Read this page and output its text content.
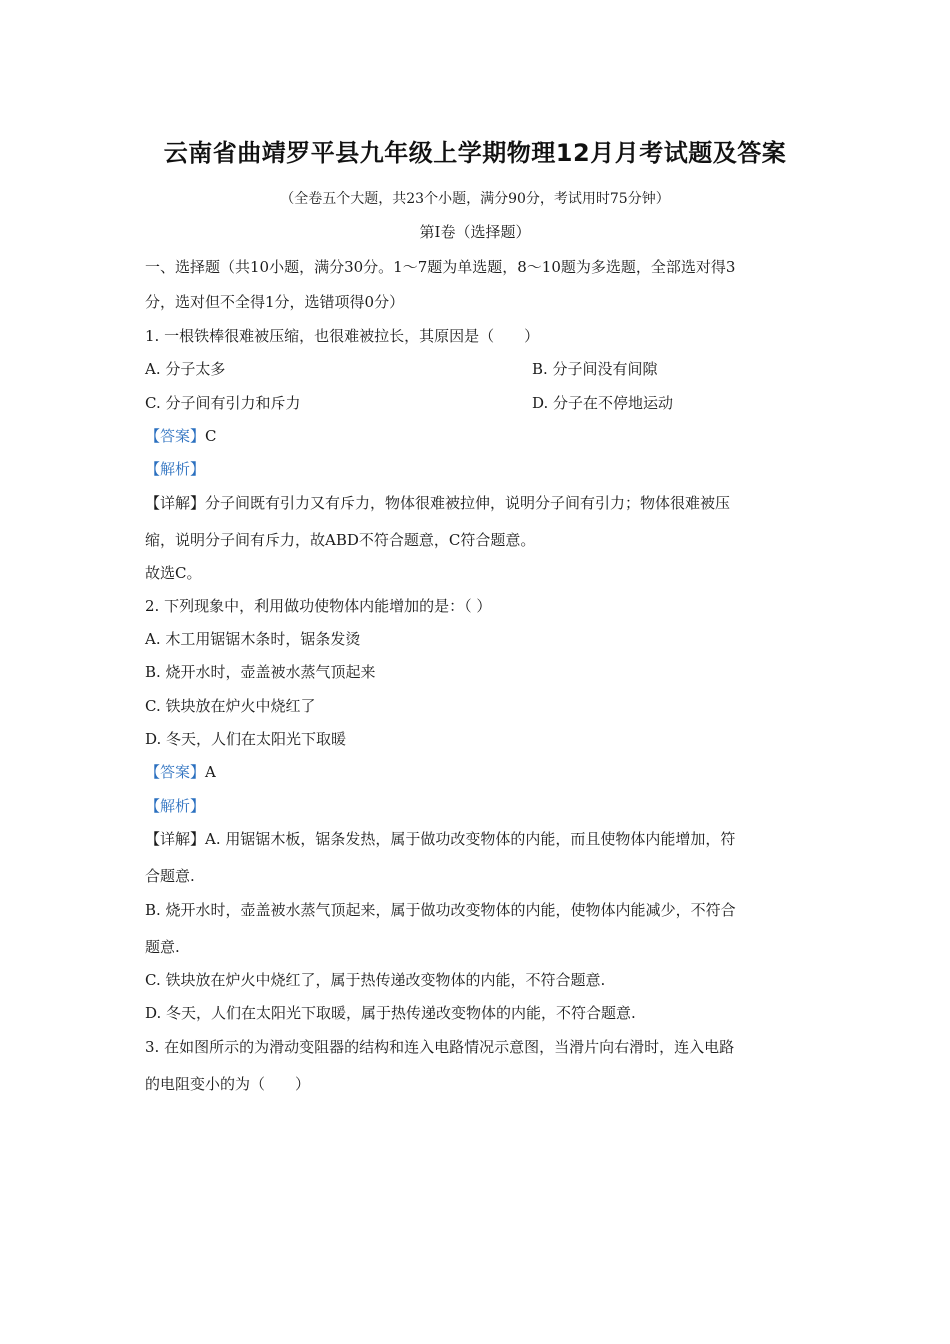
云南省曲靖罗平县九年级上学期物理12月月考试题及答案
（全卷五个大题，共23个小题，满分90分，考试用时75分钟）
第Ⅰ卷（选择题）
一、选择题（共10小题，满分30分。1～7题为单选题，8～10题为多选题，全部选对得3
分，选对但不全得1分，选错项得0分）
1. 一根铁棒很难被压缩，也很难被拉长，其原因是（　　）
A. 分子太多	B. 分子间没有间隙
C. 分子间有引力和斥力	D. 分子在不停地运动
【答案】C
【解析】
【详解】分子间既有引力又有斥力，物体很难被拉伸，说明分子间有引力；物体很难被压
缩，说明分子间有斥力，故ABD不符合题意，C符合题意。
故选C。
2. 下列现象中，利用做功使物体内能增加的是：（ ）
A. 木工用锯锯木条时，锯条发烫
B. 烧开水时，壶盖被水蒸气顶起来
C. 铁块放在炉火中烧红了
D. 冬天，人们在太阳光下取暖
【答案】A
【解析】
【详解】A. 用锯锯木板，锯条发热，属于做功改变物体的内能，而且使物体内能增加，符
合题意.
B. 烧开水时，壶盖被水蒸气顶起来，属于做功改变物体的内能，使物体内能减少，不符合
题意.
C. 铁块放在炉火中烧红了，属于热传递改变物体的内能，不符合题意.
D. 冬天，人们在太阳光下取暖，属于热传递改变物体的内能，不符合题意.
3. 在如图所示的为滑动变阻器的结构和连入电路情况示意图，当滑片向右滑时，连入电路
的电阻变小的为（　　）
